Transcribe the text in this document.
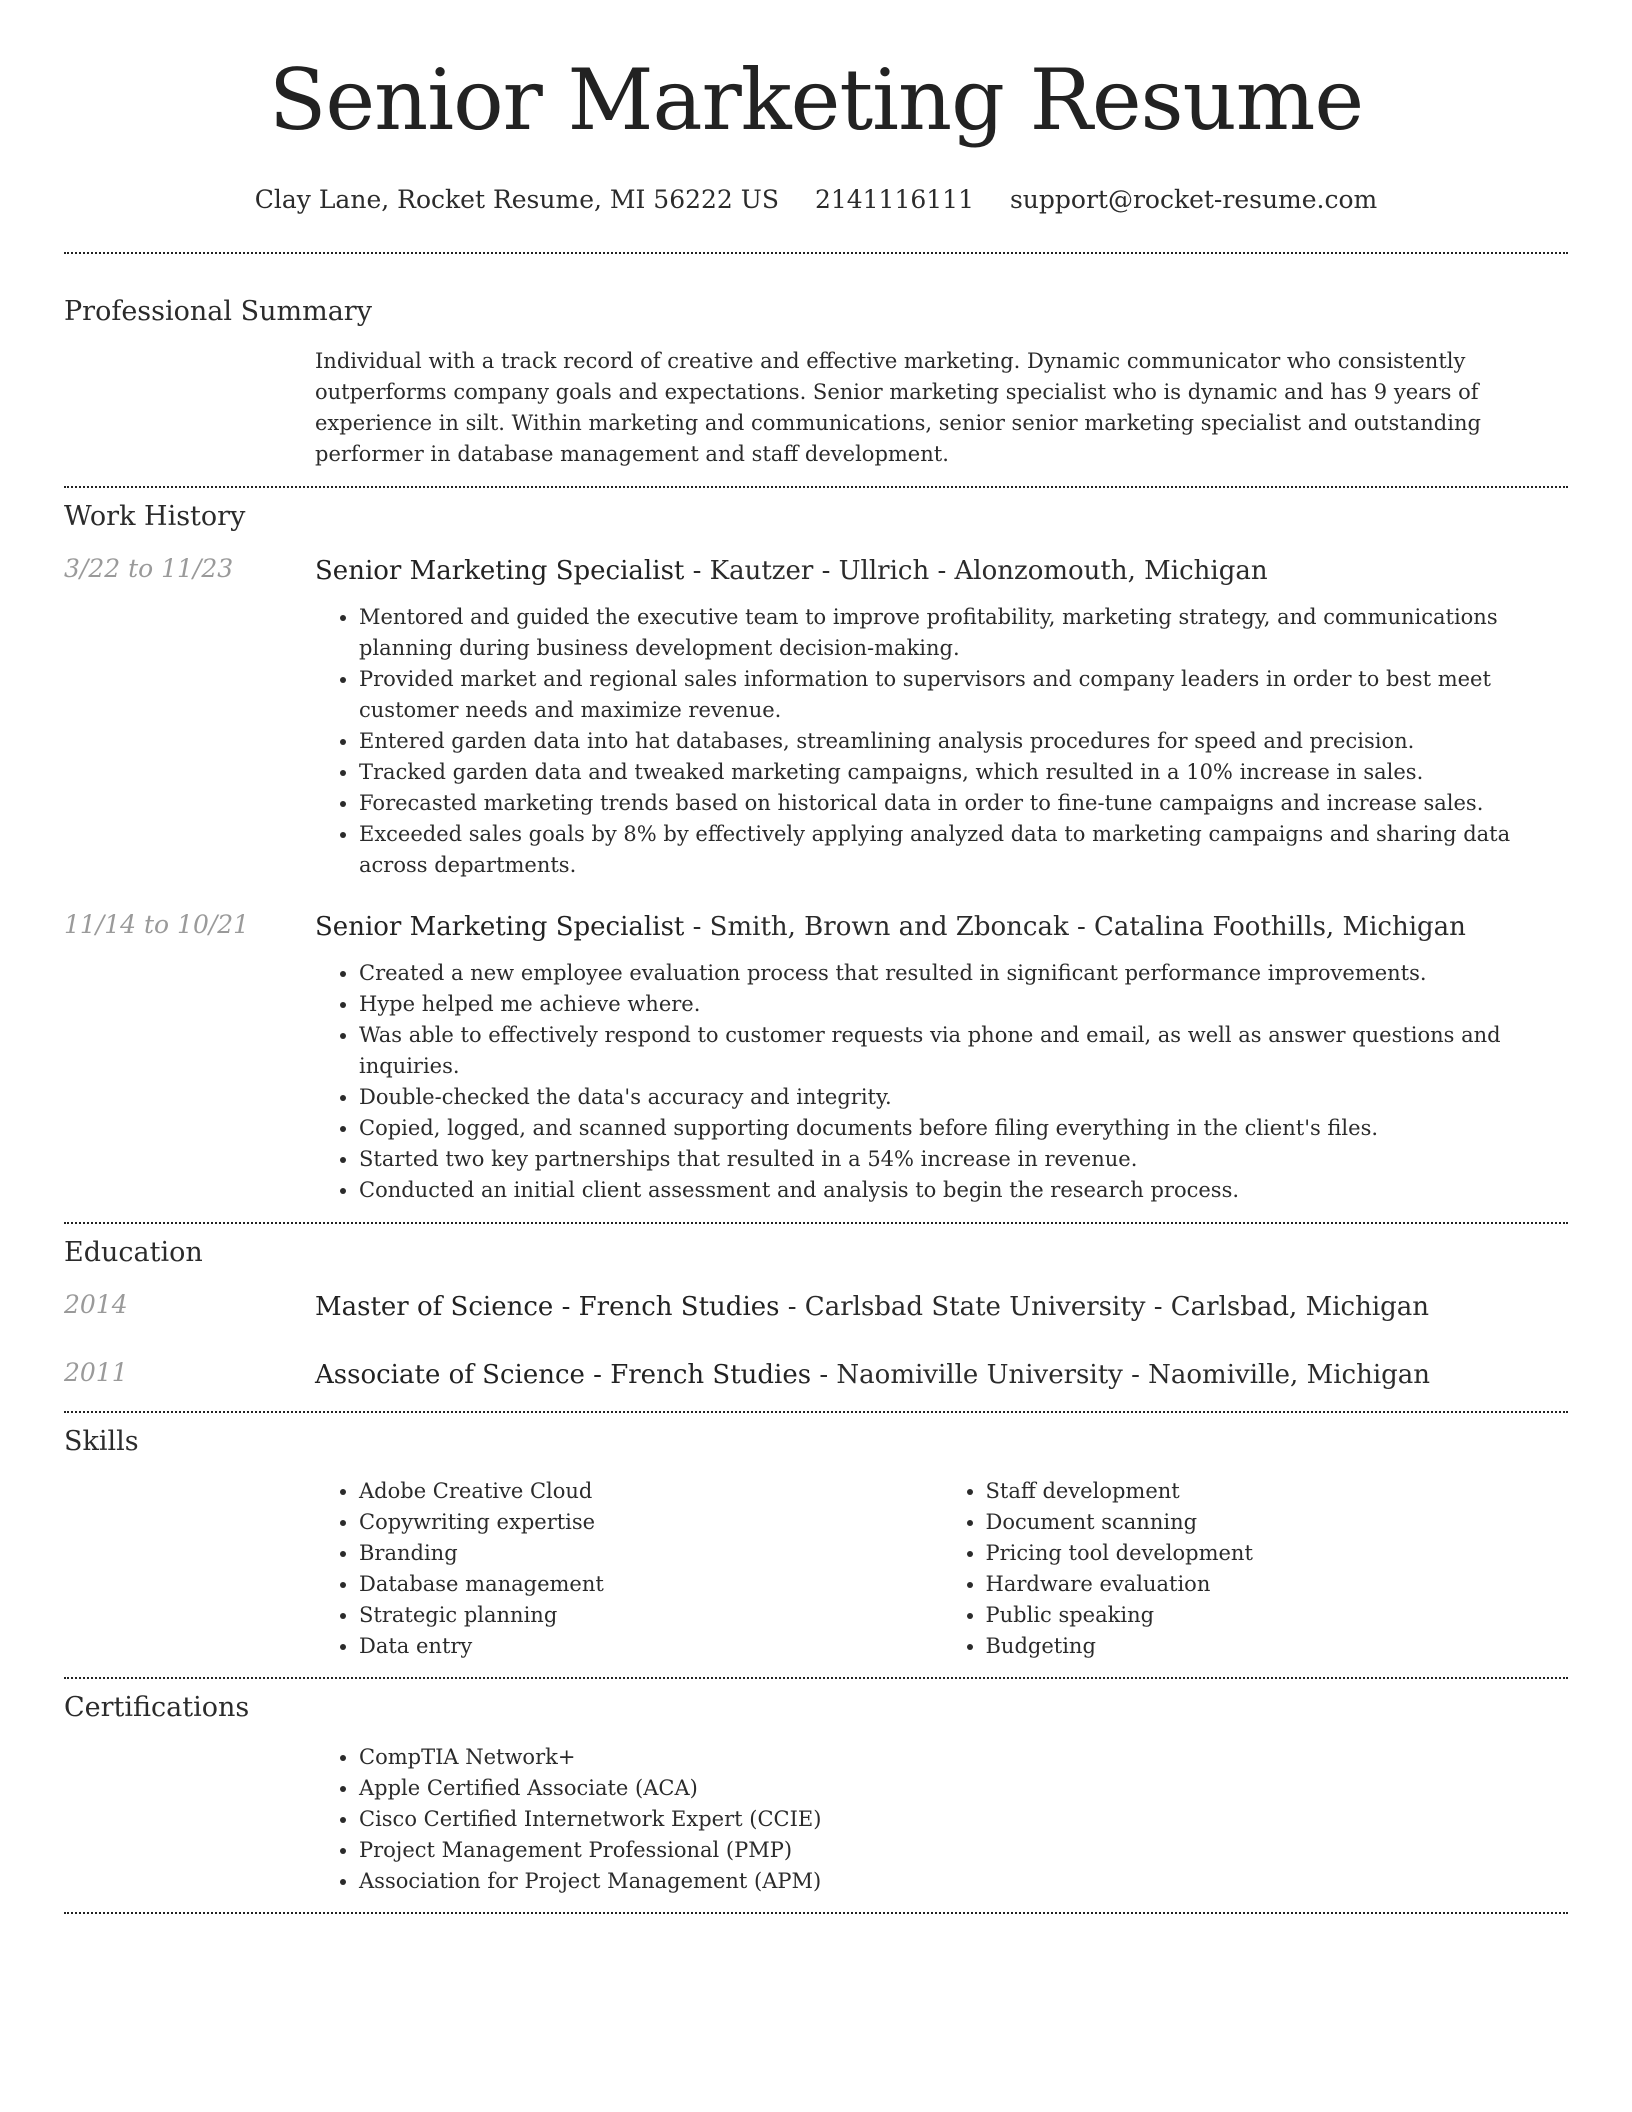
Senior Marketing Resume
Clay Lane, Rocket Resume, MI 56222 US 2141116111 support@rocket-resume.com
Professional Summary

Individual with a track record of creative and effective marketing. Dynamic communicator who consistently outperforms company goals and expectations. Senior marketing specialist who is dynamic and has 9 years of experience in silt. Within marketing and communications, senior senior marketing specialist and outstanding performer in database management and staff development.

Work History
3/22 to 11/23	Senior Marketing Specialist - Kautzer - Ullrich - Alonzomouth, Michigan
• Mentored and guided the executive team to improve profitability, marketing strategy, and communications planning during business development decision-making.
• Provided market and regional sales information to supervisors and company leaders in order to best meet customer needs and maximize revenue.
• Entered garden data into hat databases, streamlining analysis procedures for speed and precision.
• Tracked garden data and tweaked marketing campaigns, which resulted in a 10% increase in sales.
• Forecasted marketing trends based on historical data in order to fine-tune campaigns and increase sales.
• Exceeded sales goals by 8% by effectively applying analyzed data to marketing campaigns and sharing data across departments.
11/14 to 10/21	Senior Marketing Specialist - Smith, Brown and Zboncak - Catalina Foothills, Michigan
• Created a new employee evaluation process that resulted in significant performance improvements.
• Hype helped me achieve where.
• Was able to effectively respond to customer requests via phone and email, as well as answer questions and inquiries.
• Double-checked the data's accuracy and integrity.
• Copied, logged, and scanned supporting documents before filing everything in the client's files.
• Started two key partnerships that resulted in a 54% increase in revenue.
• Conducted an initial client assessment and analysis to begin the research process.
Education
2014	Master of Science - French Studies - Carlsbad State University - Carlsbad, Michigan
2011	Associate of Science - French Studies - Naomiville University - Naomiville, Michigan
Skills
• Adobe Creative Cloud
• Copywriting expertise
• Branding
• Database management
• Strategic planning
• Data entry
• Staff development
• Document scanning
• Pricing tool development
• Hardware evaluation
• Public speaking
• Budgeting
Certifications
• CompTIA Network+
• Apple Certified Associate (ACA)
• Cisco Certified Internetwork Expert (CCIE)
• Project Management Professional (PMP)
• Association for Project Management (APM)
